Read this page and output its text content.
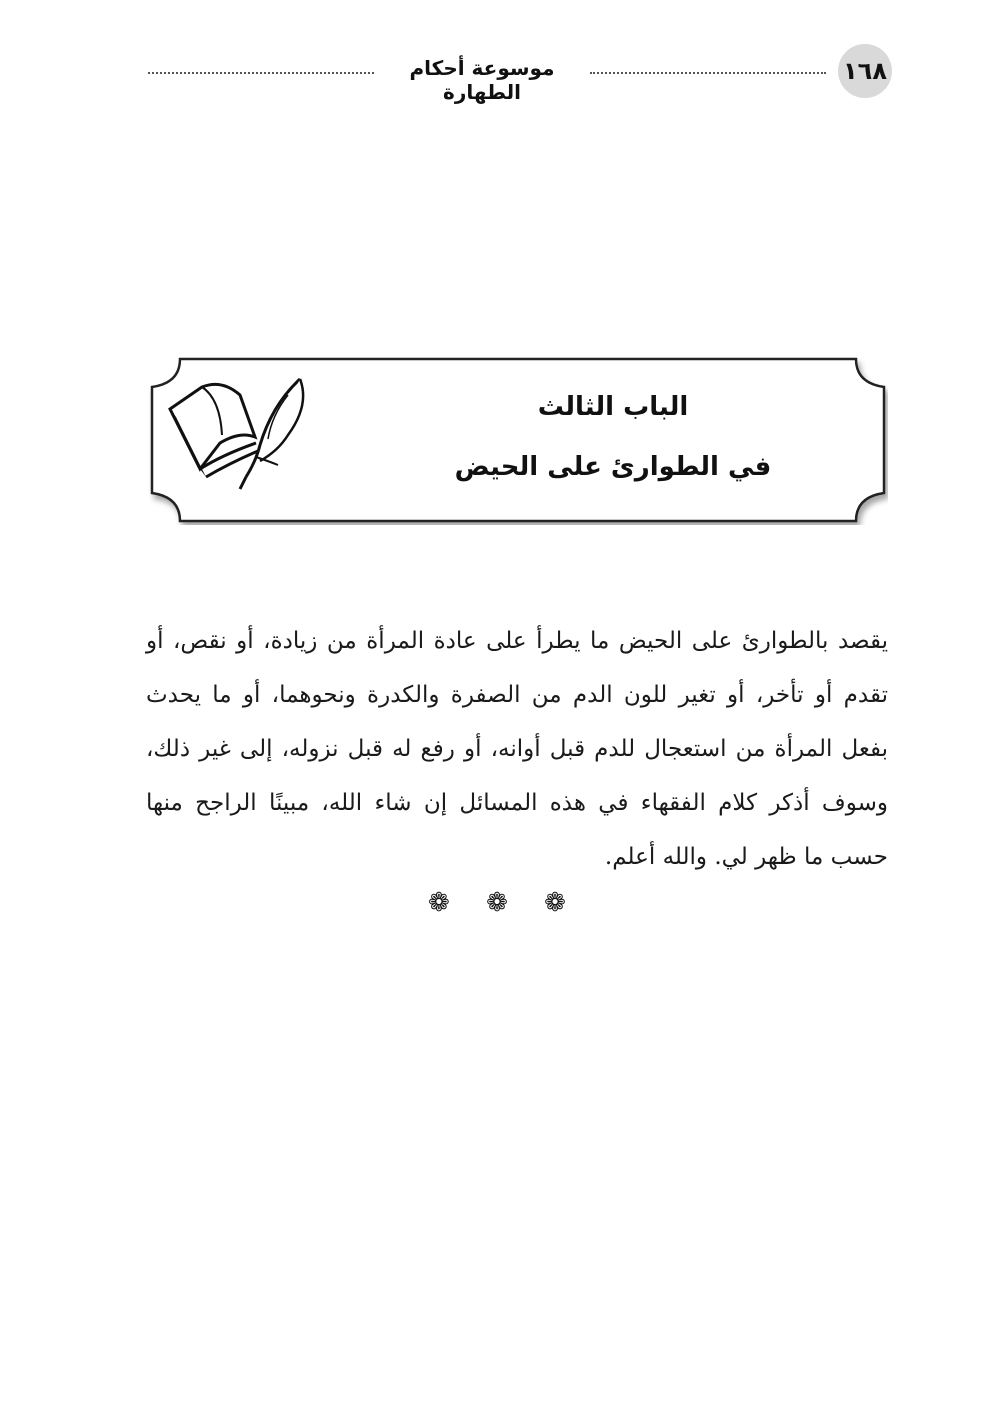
١٦٨
موسوعة أحكام الطهارة
الباب الثالث
في الطوارئ على الحيض
يقصد بالطوارئ على الحيض ما يطرأ على عادة المرأة من زيادة، أو نقص، أو تقدم أو تأخر، أو تغير للون الدم من الصفرة والكدرة ونحوهما، أو ما يحدث بفعل المرأة من استعجال للدم قبل أوانه، أو رفع له قبل نزوله، إلى غير ذلك، وسوف أذكر كلام الفقهاء في هذه المسائل إن شاء الله، مبينًا الراجح منها حسب ما ظهر لي. والله أعلم.
❁ ❁ ❁
